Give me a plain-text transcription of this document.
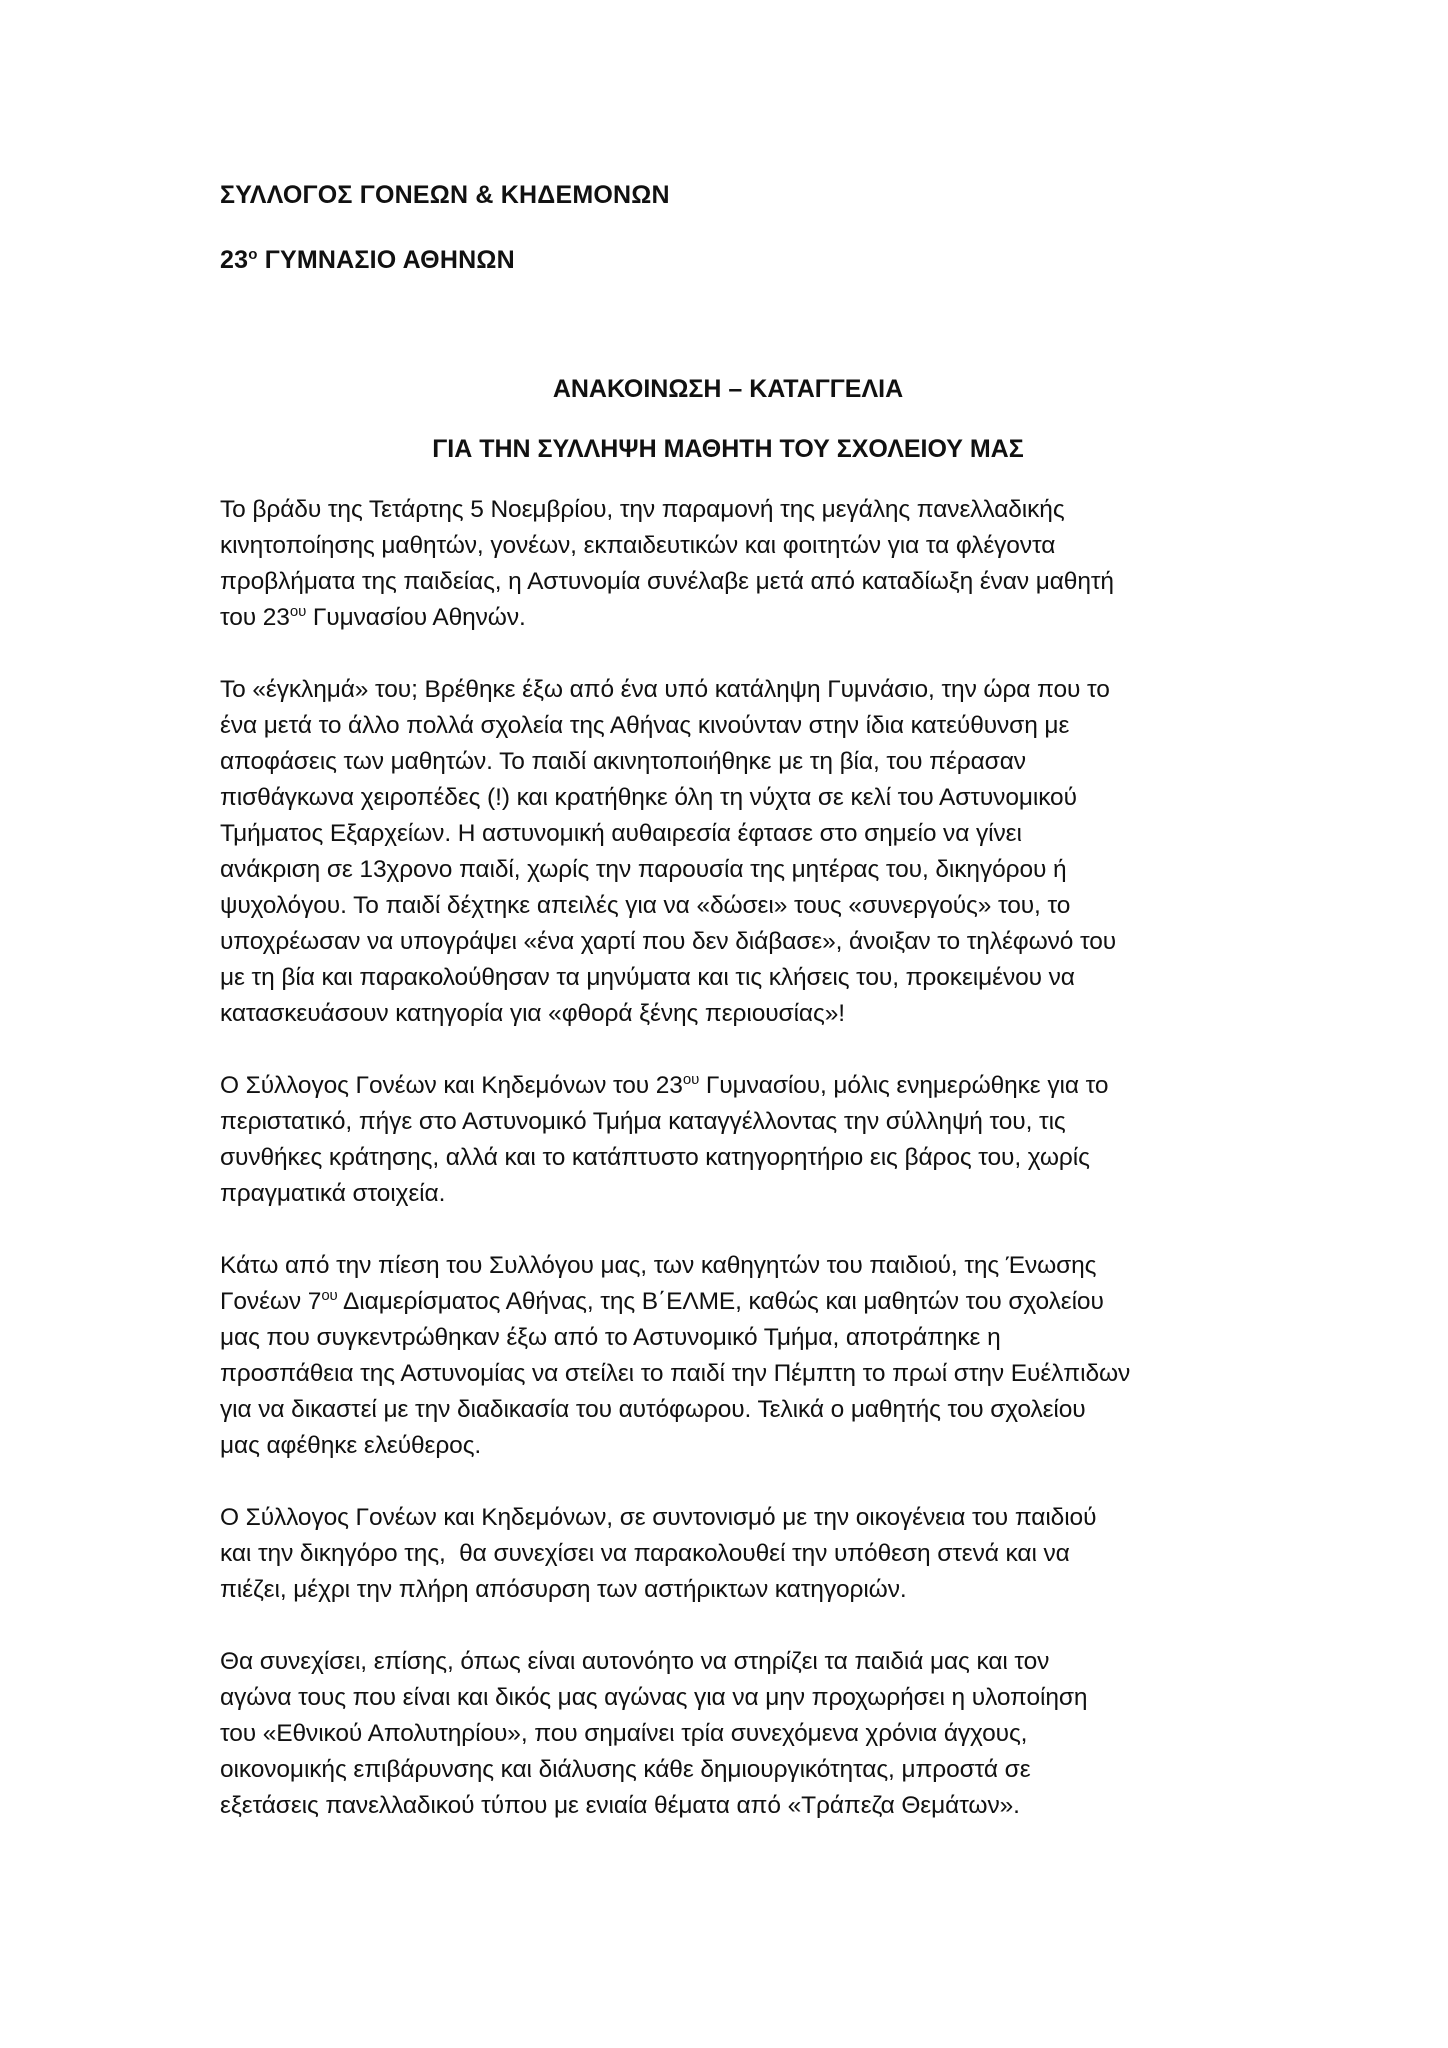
ΣΥΛΛΟΓΟΣ ΓΟΝΕΩΝ & ΚΗΔΕΜΟΝΩΝ
$23^o$ ΓΥΜΝΑΣΙΟ ΑΘΗΝΩΝ
ΑΝΑΚΟΙΝΩΣΗ – ΚΑΤΑΓΓΕΛΙΑ
ΓΙΑ ΤΗΝ ΣΥΛΛΗΨΗ ΜΑΘΗΤΗ ΤΟΥ ΣΧΟΛΕΙΟΥ ΜΑΣ

Το βράδυ της Τετάρτης 5 Νοεμβρίου, την παραμονή της μεγάλης πανελλαδικής
κινητοποίησης μαθητών, γονέων, εκπαιδευτικών και φοιτητών για τα φλέγοντα
προβλήματα της παιδείας, η Αστυνομία συνέλαβε μετά από καταδίωξη έναν μαθητή
του $23^{o\upsilon}$ Γυμνασίου Αθηνών.

Το «έγκλημά» του; Βρέθηκε έξω από ένα υπό κατάληψη Γυμνάσιο, την ώρα που το
ένα μετά το άλλο πολλά σχολεία της Αθήνας κινούνταν στην ίδια κατεύθυνση με
αποφάσεις των μαθητών. Το παιδί ακινητοποιήθηκε με τη βία, του πέρασαν
πισθάγκωνα χειροπέδες (!) και κρατήθηκε όλη τη νύχτα σε κελί του Αστυνομικού
Τμήματος Εξαρχείων. Η αστυνομική αυθαιρεσία έφτασε στο σημείο να γίνει
ανάκριση σε 13χρονο παιδί, χωρίς την παρουσία της μητέρας του, δικηγόρου ή
ψυχολόγου. Το παιδί δέχτηκε απειλές για να «δώσει» τους «συνεργούς» του, το
υποχρέωσαν να υπογράψει «ένα χαρτί που δεν διάβασε», άνοιξαν το τηλέφωνό του
με τη βία και παρακολούθησαν τα μηνύματα και τις κλήσεις του, προκειμένου να
κατασκευάσουν κατηγορία για «φθορά ξένης περιουσίας»!

Ο Σύλλογος Γονέων και Κηδεμόνων του $23^{o\upsilon}$ Γυμνασίου, μόλις ενημερώθηκε για το
περιστατικό, πήγε στο Αστυνομικό Τμήμα καταγγέλλοντας την σύλληψή του, τις
συνθήκες κράτησης, αλλά και το κατάπτυστο κατηγορητήριο εις βάρος του, χωρίς
πραγματικά στοιχεία.

Κάτω από την πίεση του Συλλόγου μας, των καθηγητών του παιδιού, της Ένωσης
Γονέων $7^{o\upsilon}$ Διαμερίσματος Αθήνας, της Β΄ΕΛΜΕ, καθώς και μαθητών του σχολείου
μας που συγκεντρώθηκαν έξω από το Αστυνομικό Τμήμα, αποτράπηκε η
προσπάθεια της Αστυνομίας να στείλει το παιδί την Πέμπτη το πρωί στην Ευέλπιδων
για να δικαστεί με την διαδικασία του αυτόφωρου. Τελικά ο μαθητής του σχολείου
μας αφέθηκε ελεύθερος.

Ο Σύλλογος Γονέων και Κηδεμόνων, σε συντονισμό με την οικογένεια του παιδιού
και την δικηγόρο της,  θα συνεχίσει να παρακολουθεί την υπόθεση στενά και να
πιέζει, μέχρι την πλήρη απόσυρση των αστήρικτων κατηγοριών.

Θα συνεχίσει, επίσης, όπως είναι αυτονόητο να στηρίζει τα παιδιά μας και τον
αγώνα τους που είναι και δικός μας αγώνας για να μην προχωρήσει η υλοποίηση
του «Εθνικού Απολυτηρίου», που σημαίνει τρία συνεχόμενα χρόνια άγχους,
οικονομικής επιβάρυνσης και διάλυσης κάθε δημιουργικότητας, μπροστά σε
εξετάσεις πανελλαδικού τύπου με ενιαία θέματα από «Τράπεζα Θεμάτων».
